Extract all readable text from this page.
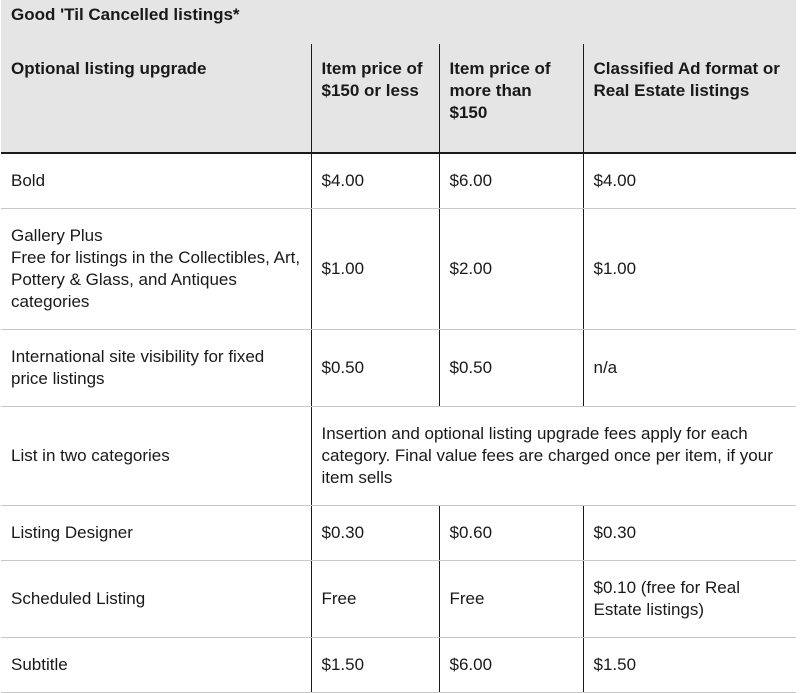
Good 'Til Cancelled listings*			
Optional listing upgrade	Item price of $150 or less	Item price of more than $150	Classified Ad format or Real Estate listings
Bold	$4.00	$6.00	$4.00

Gallery Plus
Free for listings in the Collectibles, Art, Pottery & Glass, and Antiques categories	$1.00	$2.00	$1.00
International site visibility for fixed price listings	$0.50	$0.50	n/a
List in two categories	Insertion and optional listing upgrade fees apply for each category. Final value fees are charged once per item, if your item sells		
Listing Designer	$0.30	$0.60	$0.30
Scheduled Listing	Free	Free	$0.10 (free for Real Estate listings)
Subtitle	$1.50	$6.00	$1.50
